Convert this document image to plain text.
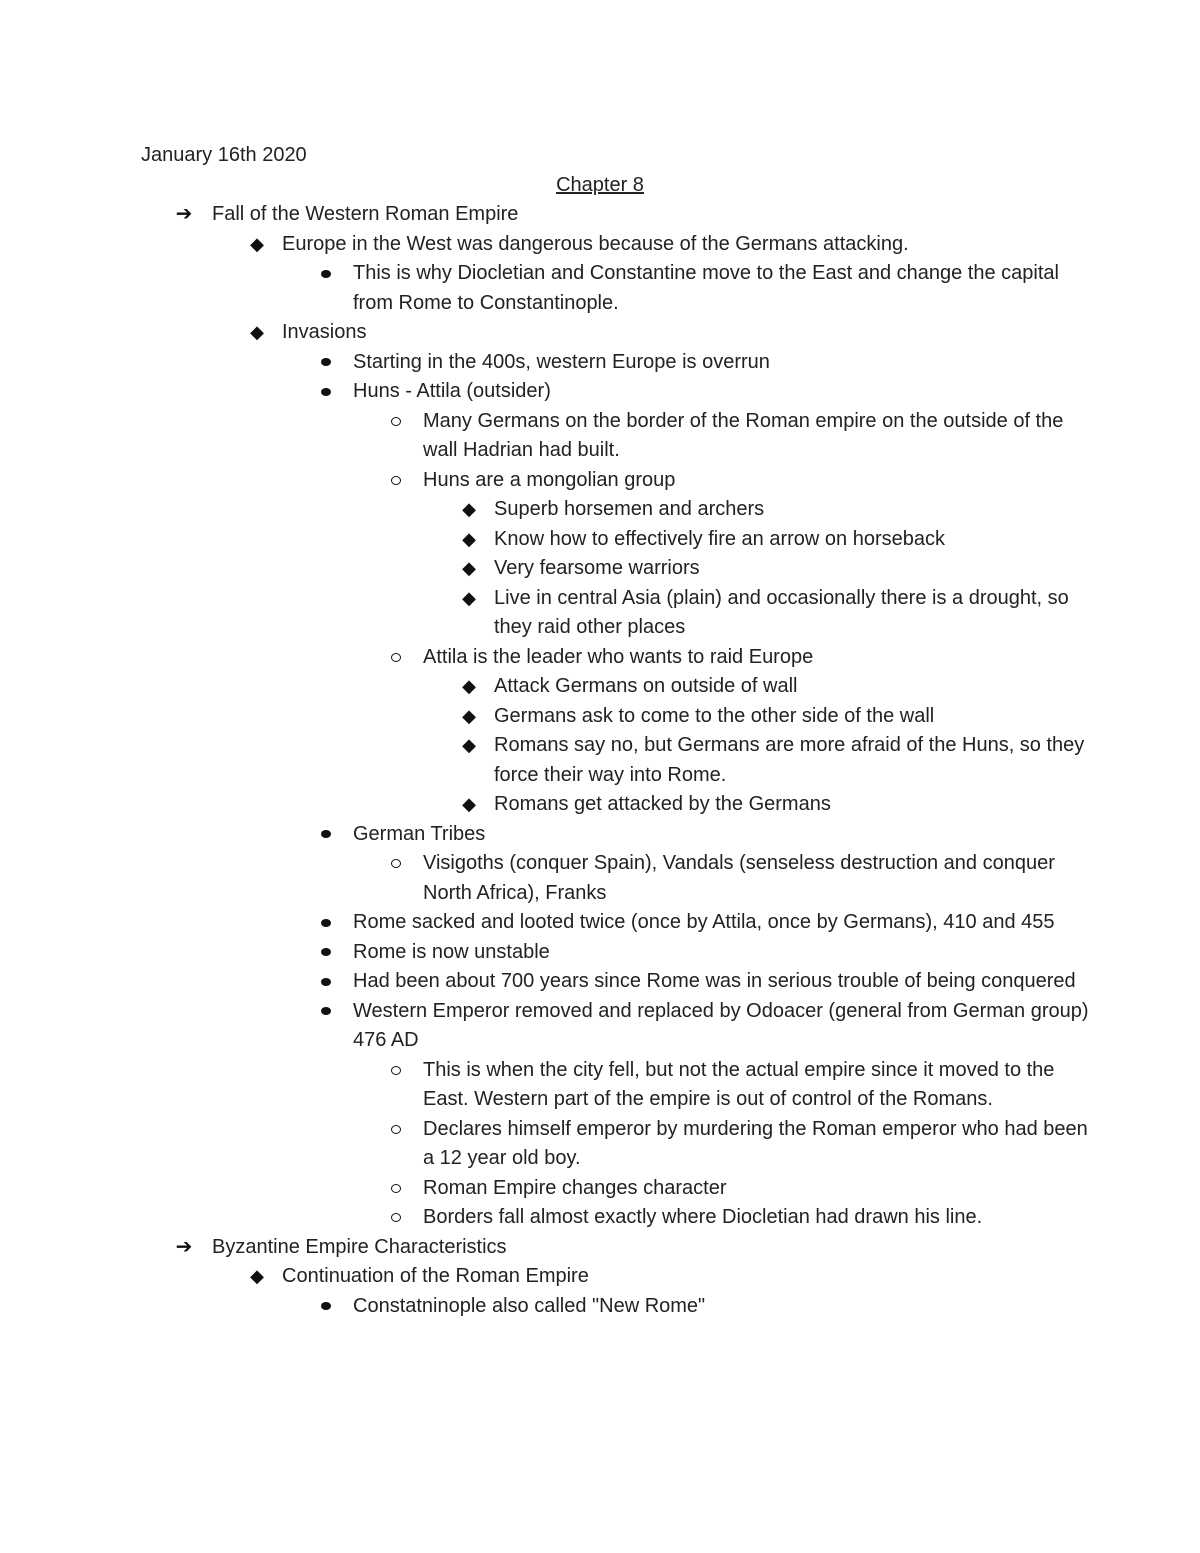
January 16th 2020
Chapter 8
➔ Fall of the Western Roman Empire
◆ Europe in the West was dangerous because of the Germans attacking.
This is why Diocletian and Constantine move to the East and change the capital from Rome to Constantinople.
◆ Invasions
Starting in the 400s, western Europe is overrun
Huns - Attila (outsider)
Many Germans on the border of the Roman empire on the outside of the wall Hadrian had built.
Huns are a mongolian group
◆ Superb horsemen and archers
◆ Know how to effectively fire an arrow on horseback
◆ Very fearsome warriors
◆ Live in central Asia (plain) and occasionally there is a drought, so they raid other places
Attila is the leader who wants to raid Europe
◆ Attack Germans on outside of wall
◆ Germans ask to come to the other side of the wall
◆ Romans say no, but Germans are more afraid of the Huns, so they force their way into Rome.
◆ Romans get attacked by the Germans
German Tribes
Visigoths (conquer Spain), Vandals (senseless destruction and conquer North Africa), Franks
Rome sacked and looted twice (once by Attila, once by Germans), 410 and 455
Rome is now unstable
Had been about 700 years since Rome was in serious trouble of being conquered
Western Emperor removed and replaced by Odoacer (general from German group) 476 AD
This is when the city fell, but not the actual empire since it moved to the East. Western part of the empire is out of control of the Romans.
Declares himself emperor by murdering the Roman emperor who had been a 12 year old boy.
Roman Empire changes character
Borders fall almost exactly where Diocletian had drawn his line.
➔ Byzantine Empire Characteristics
◆ Continuation of the Roman Empire
Constatninople also called "New Rome"
